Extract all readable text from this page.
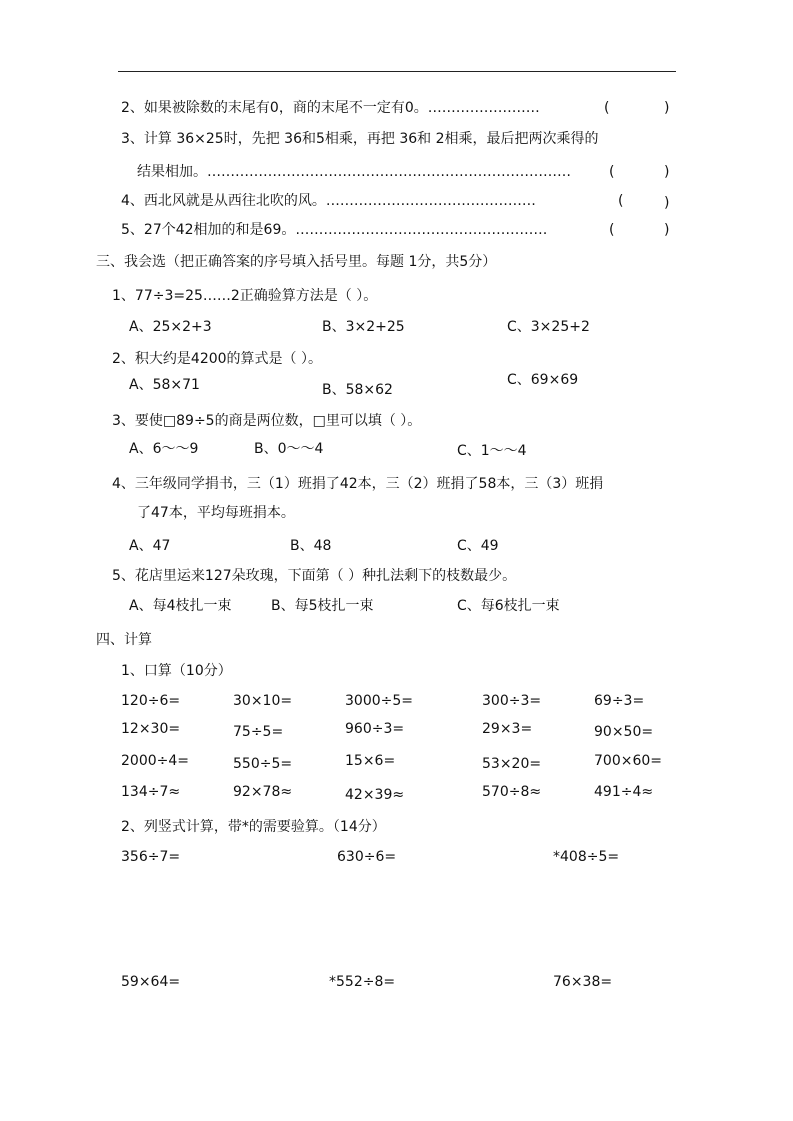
2、如果被除数的末尾有0，商的末尾不一定有0。……………………	(	)
3、计算 36×25时，先把 36和5相乘，再把 36和 2相乘，最后把两次乘得的
结果相加。……………………………………………………………………	(	)
4、西北风就是从西往北吹的风。………………………………………	(	)
5、27个42相加的和是69。………………………………………………	(	)
三、我会选（把正确答案的序号填入括号里。每题 1分，共5分）
1、77÷3=25……2正确验算方法是（ ）。
A、25×2+3	B、3×2+25	C、3×25+2
2、积大约是4200的算式是（ ）。
A、58×71	B、58×62
C、69×69
3、要使□89÷5的商是两位数，□里可以填（ ）。
A、6～～9	B、0～～4	C、1～～4
4、三年级同学捐书，三（1）班捐了42本，三（2）班捐了58本，三（3）班捐
了47本，平均每班捐本。
A、47	B、48	C、49
5、花店里运来127朵玫瑰，下面第（ ）种扎法剩下的枝数最少。
A、每4枝扎一束	B、每5枝扎一束	C、每6枝扎一束
四、计算
1、口算（10分）
120÷6=	30×10=	3000÷5=	300÷3=	69÷3=
12×30=	75÷5=	960÷3=	29×3=	90×50=
2000÷4=	550÷5=	15×6=	53×20=	700×60=
134÷7≈	92×78≈	42×39≈	570÷8≈	491÷4≈
2、列竖式计算，带*的需要验算。（14分）
356÷7=	630÷6=	*408÷5=
59×64=	*552÷8=	76×38=
